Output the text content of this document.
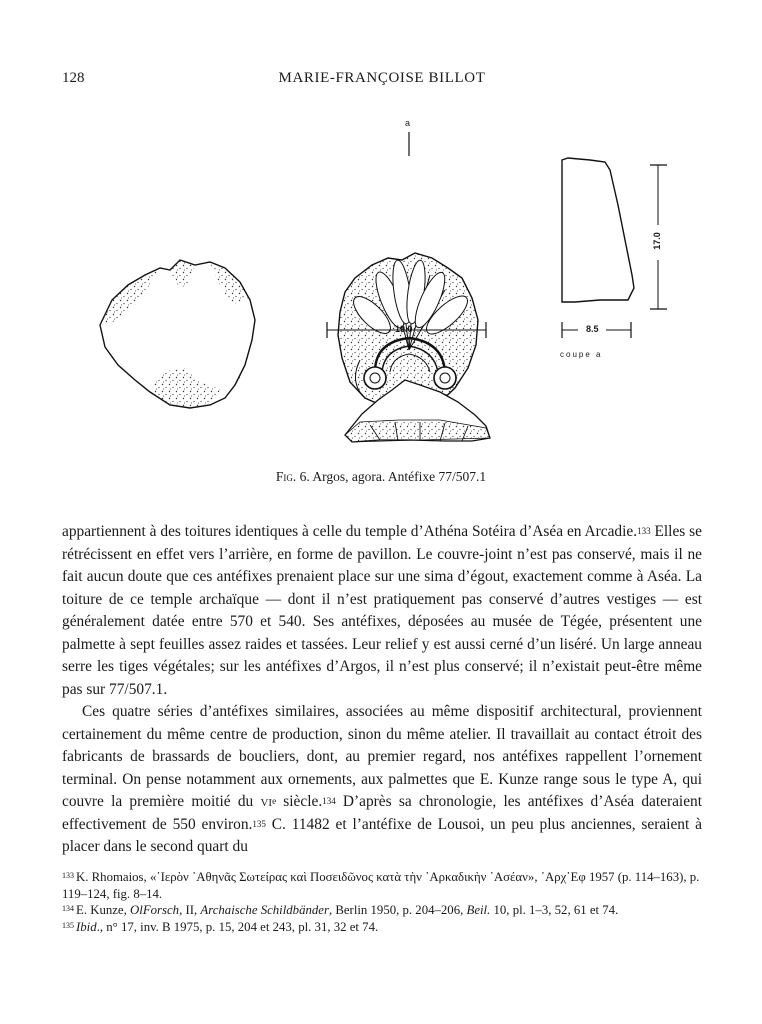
128	MARIE-FRANÇOISE BILLOT
a
19.0	8.5
17.0
coupe a
Fig. 6. Argos, agora. Antéfixe 77/507.1

appartiennent à des toitures identiques à celle du temple d’Athéna Sotéira d’Aséa en Arcadie.$^{133}$ Elles se rétrécissent en effet vers l’arrière, en forme de pavillon. Le couvre-joint n’est pas conservé, mais il ne fait aucun doute que ces antéfixes prenaient place sur une sima d’égout, exactement comme à Aséa. La toiture de ce temple archaïque — dont il n’est pratiquement pas conservé d’autres vestiges — est généralement datée entre 570 et 540. Ses antéfixes, déposées au musée de Tégée, présentent une palmette à sept feuilles assez raides et tassées. Leur relief y est aussi cerné d’un liséré. Un large anneau serre les tiges végétales; sur les antéfixes d’Argos, il n’est plus conservé; il n’existait peut-être même pas sur 77/507.1.

Ces quatre séries d’antéfixes similaires, associées au même dispositif architectural, proviennent certainement du même centre de production, sinon du même atelier. Il travaillait au contact étroit des fabricants de brassards de boucliers, dont, au premier regard, nos antéfixes rappellent l’ornement terminal. On pense notamment aux ornements, aux palmettes que E. Kunze range sous le type A, qui couvre la première moitié du $vi^e$ siècle.$^{134}$ D’après sa chronologie, les antéfixes d’Aséa dateraient effectivement de 550 environ.$^{135}$ C. 11482 et l’antéfixe de Lousoi, un peu plus anciennes, seraient à placer dans le second quart du

$^{133}$ K. Rhomaios, «῾Ιερὸν ᾿Αθηνᾶς Σωτείρας καὶ Ποσειδῶνος κατὰ τὴν ᾿Αρκαδικὴν ᾿Ασέαν», ᾿Αρχ᾿Εφ 1957 (p. 114–163), p. 119–124, fig. 8–14.

$^{134}$ E. Kunze, OlForsch, II, Archaische Schildbänder, Berlin 1950, p. 204–206, Beil. 10, pl. 1–3, 52, 61 et 74.

$^{135}$ Ibid., n° 17, inv. B 1975, p. 15, 204 et 243, pl. 31, 32 et 74.
